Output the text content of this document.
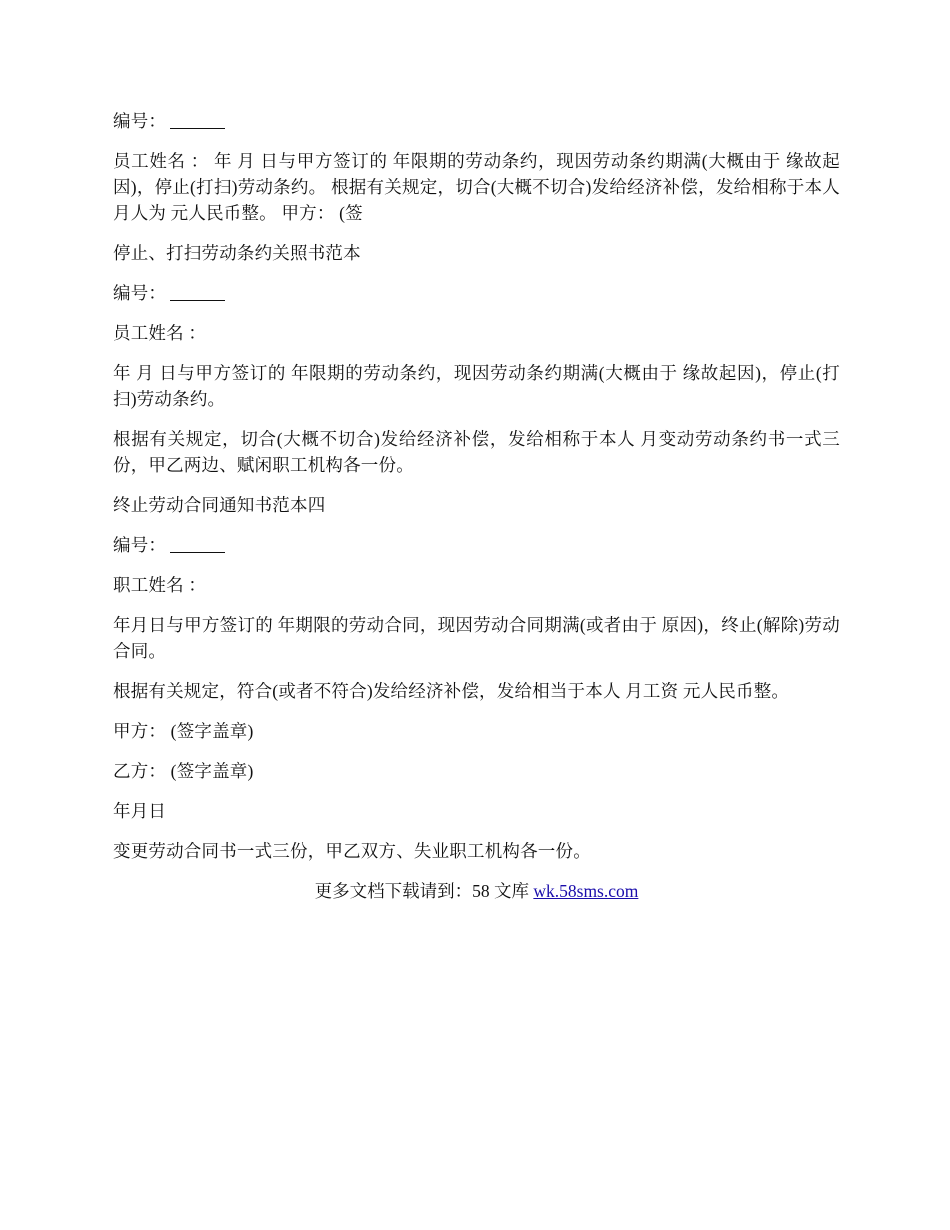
编号：

员工姓名 ： 年 月 日与甲方签订的 年限期的劳动条约，现因劳动条约期满(大概由于 缘故起因)，停止(打扫)劳动条约。 根据有关规定，切合(大概不切合)发给经济补偿，发给相称于本人 月人为 元人民币整。 甲方： (签

停止、打扫劳动条约关照书范本

编号：

员工姓名 ：

年 月 日与甲方签订的 年限期的劳动条约，现因劳动条约期满(大概由于 缘故起因)，停止(打扫)劳动条约。

根据有关规定，切合(大概不切合)发给经济补偿，发给相称于本人 月变动劳动条约书一式三份，甲乙两边、赋闲职工机构各一份。

终止劳动合同通知书范本四

编号：

职工姓名 ：

年月日与甲方签订的 年期限的劳动合同，现因劳动合同期满(或者由于 原因)，终止(解除)劳动合同。

根据有关规定，符合(或者不符合)发给经济补偿，发给相当于本人 月工资 元人民币整。

甲方： (签字盖章)

乙方： (签字盖章)

年月日

变更劳动合同书一式三份，甲乙双方、失业职工机构各一份。

更多文档下载请到：58 文库 wk.58sms.com
